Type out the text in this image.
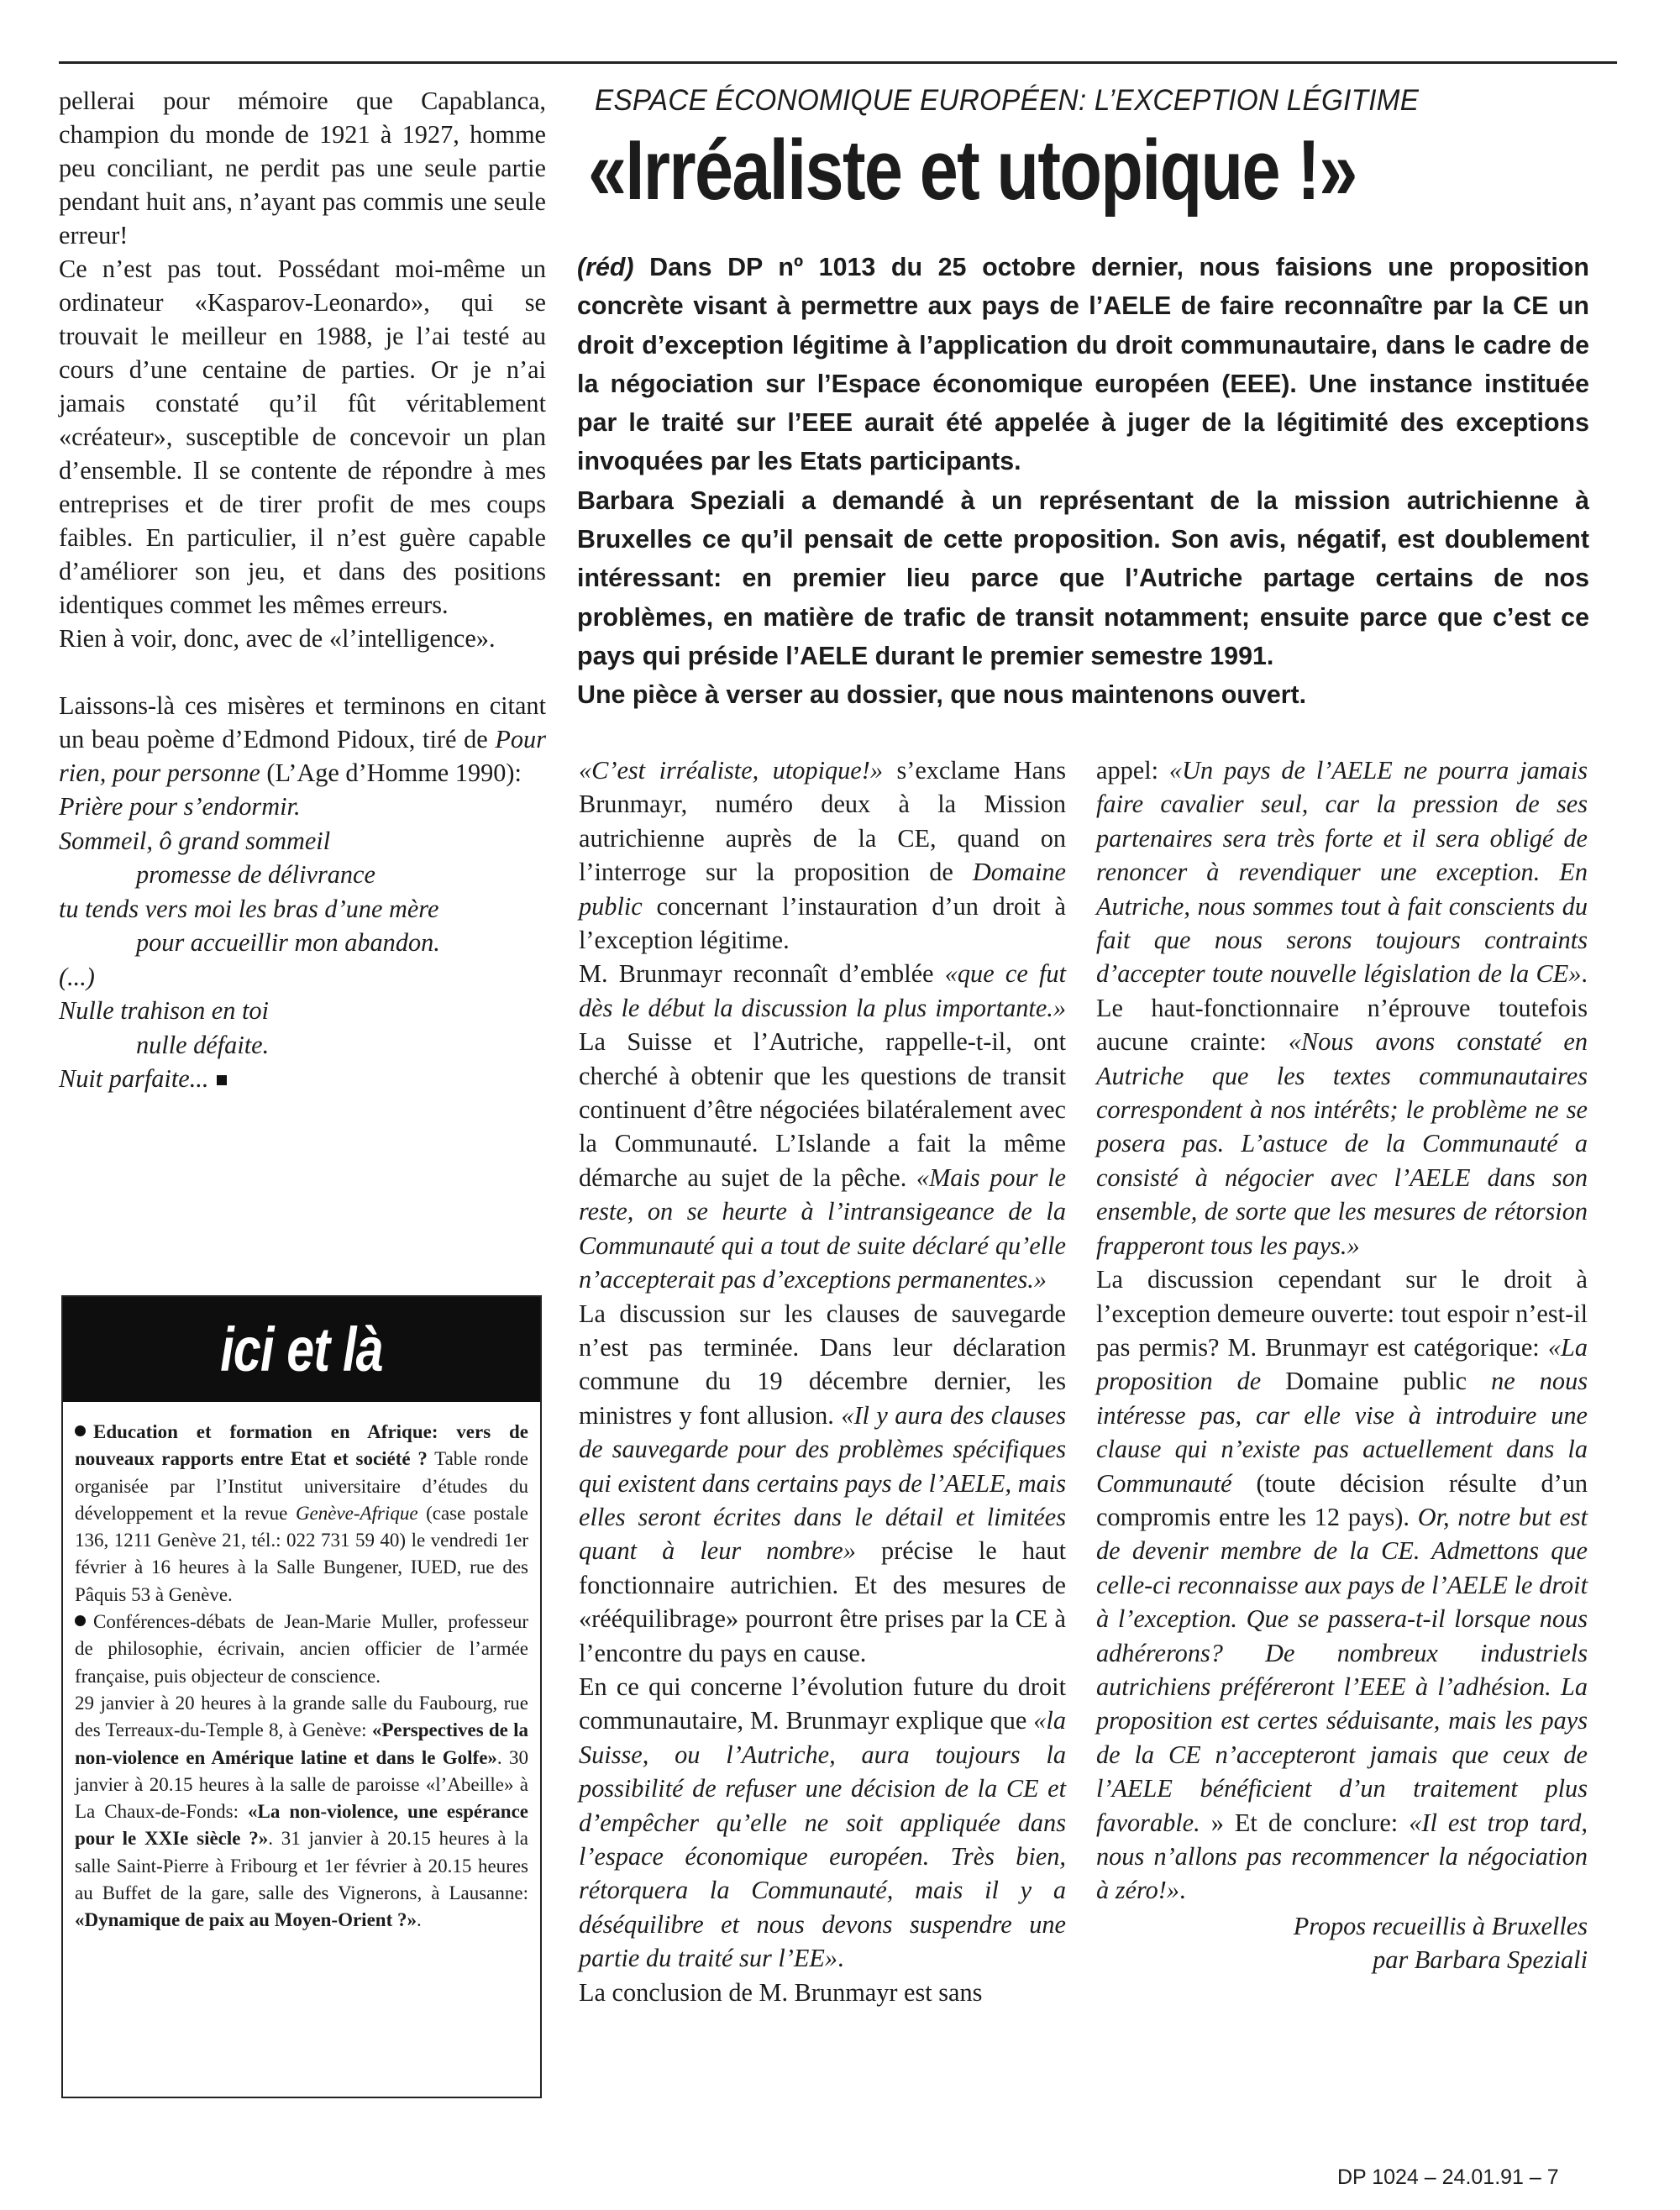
pellerai pour mémoire que Capablanca, champion du monde de 1921 à 1927, homme peu conciliant, ne perdit pas une seule partie pendant huit ans, n’ayant pas commis une seule erreur!

Ce n’est pas tout. Possédant moi-même un ordinateur «Kasparov-Leonardo», qui se trouvait le meilleur en 1988, je l’ai testé au cours d’une centaine de parties. Or je n’ai jamais constaté qu’il fût véritablement «créateur», susceptible de concevoir un plan d’ensemble. Il se contente de répondre à mes entreprises et de tirer profit de mes coups faibles. En particulier, il n’est guère capable d’améliorer son jeu, et dans des positions identiques commet les mêmes erreurs.

Rien à voir, donc, avec de «l’intelligence».

Laissons-là ces misères et terminons en citant un beau poème d’Edmond Pidoux, tiré de Pour rien, pour personne (L’Age d’Homme 1990):

Prière pour s’endormir.
Sommeil, ô grand sommeil
promesse de délivrance
tu tends vers moi les bras d’une mère
pour accueillir mon abandon.
(...)
Nulle trahison en toi
nulle défaite.
Nuit parfaite...
ici et là

Education et formation en Afrique: vers de nouveaux rapports entre Etat et société ? Table ronde organisée par l’Institut universitaire d’études du développement et la revue Genève-Afrique (case postale 136, 1211 Genève 21, tél.: 022 731 59 40) le vendredi 1er février à 16 heures à la Salle Bungener, IUED, rue des Pâquis 53 à Genève.

Conférences-débats de Jean-Marie Muller, professeur de philosophie, écrivain, ancien officier de l’armée française, puis objecteur de conscience.

29 janvier à 20 heures à la grande salle du Faubourg, rue des Terreaux-du-Temple 8, à Genève: «Perspectives de la non-violence en Amérique latine et dans le Golfe». 30 janvier à 20.15 heures à la salle de paroisse «l’Abeille» à La Chaux-de-Fonds: «La non-violence, une espérance pour le XXIe siècle ?». 31 janvier à 20.15 heures à la salle Saint-Pierre à Fribourg et 1er février à 20.15 heures au Buffet de la gare, salle des Vignerons, à Lausanne: «Dynamique de paix au Moyen-Orient ?».

ESPACE ÉCONOMIQUE EUROPÉEN: L’EXCEPTION LÉGITIME
«Irréaliste et utopique !»

(réd) Dans DP nº 1013 du 25 octobre dernier, nous faisions une proposition concrète visant à permettre aux pays de l’AELE de faire reconnaître par la CE un droit d’exception légitime à l’application du droit communautaire, dans le cadre de la négociation sur l’Espace économique européen (EEE). Une instance instituée par le traité sur l’EEE aurait été appelée à juger de la légitimité des exceptions invoquées par les Etats participants.

Barbara Speziali a demandé à un représentant de la mission autrichienne à Bruxelles ce qu’il pensait de cette proposition. Son avis, négatif, est doublement intéressant: en premier lieu parce que l’Autriche partage certains de nos problèmes, en matière de trafic de transit notamment; ensuite parce que c’est ce pays qui préside l’AELE durant le premier semestre 1991.

Une pièce à verser au dossier, que nous maintenons ouvert.

«C’est irréaliste, utopique!» s’exclame Hans Brunmayr, numéro deux à la Mission autrichienne auprès de la CE, quand on l’interroge sur la proposition de Domaine public concernant l’instauration d’un droit à l’exception légitime.

M. Brunmayr reconnaît d’emblée «que ce fut dès le début la discussion la plus importante.» La Suisse et l’Autriche, rappelle-t-il, ont cherché à obtenir que les questions de transit continuent d’être négociées bilatéralement avec la Communauté. L’Islande a fait la même démarche au sujet de la pêche. «Mais pour le reste, on se heurte à l’intransigeance de la Communauté qui a tout de suite déclaré qu’elle n’accepterait pas d’exceptions permanentes.»

La discussion sur les clauses de sauvegarde n’est pas terminée. Dans leur déclaration commune du 19 décembre dernier, les ministres y font allusion. «Il y aura des clauses de sauvegarde pour des problèmes spécifiques qui existent dans certains pays de l’AELE, mais elles seront écrites dans le détail et limitées quant à leur nombre» précise le haut fonctionnaire autrichien. Et des mesures de «rééquilibrage» pourront être prises par la CE à l’encontre du pays en cause.

En ce qui concerne l’évolution future du droit communautaire, M. Brunmayr explique que «la Suisse, ou l’Autriche, aura toujours la possibilité de refuser une décision de la CE et d’empêcher qu’elle ne soit appliquée dans l’espace économique européen. Très bien, rétorquera la Communauté, mais il y a déséquilibre et nous devons suspendre une partie du traité sur l’EE».

La conclusion de M. Brunmayr est sans

appel: «Un pays de l’AELE ne pourra jamais faire cavalier seul, car la pression de ses partenaires sera très forte et il sera obligé de renoncer à revendiquer une exception. En Autriche, nous sommes tout à fait conscients du fait que nous serons toujours contraints d’accepter toute nouvelle législation de la CE». Le haut-fonctionnaire n’éprouve toutefois aucune crainte: «Nous avons constaté en Autriche que les textes communautaires correspondent à nos intérêts; le problème ne se posera pas. L’astuce de la Communauté a consisté à négocier avec l’AELE dans son ensemble, de sorte que les mesures de rétorsion frapperont tous les pays.»

La discussion cependant sur le droit à l’exception demeure ouverte: tout espoir n’est-il pas permis? M. Brunmayr est catégorique: «La proposition de Domaine public ne nous intéresse pas, car elle vise à introduire une clause qui n’existe pas actuellement dans la Communauté (toute décision résulte d’un compromis entre les 12 pays). Or, notre but est de devenir membre de la CE. Admettons que celle-ci reconnaisse aux pays de l’AELE le droit à l’exception. Que se passera-t-il lorsque nous adhérerons? De nombreux industriels autrichiens préféreront l’EEE à l’adhésion. La proposition est certes séduisante, mais les pays de la CE n’accepteront jamais que ceux de l’AELE bénéficient d’un traitement plus favorable. » Et de conclure: «Il est trop tard, nous n’allons pas recommencer la négociation à zéro!».

Propos recueillis à Bruxelles
par Barbara Speziali
DP 1024 – 24.01.91 – 7
